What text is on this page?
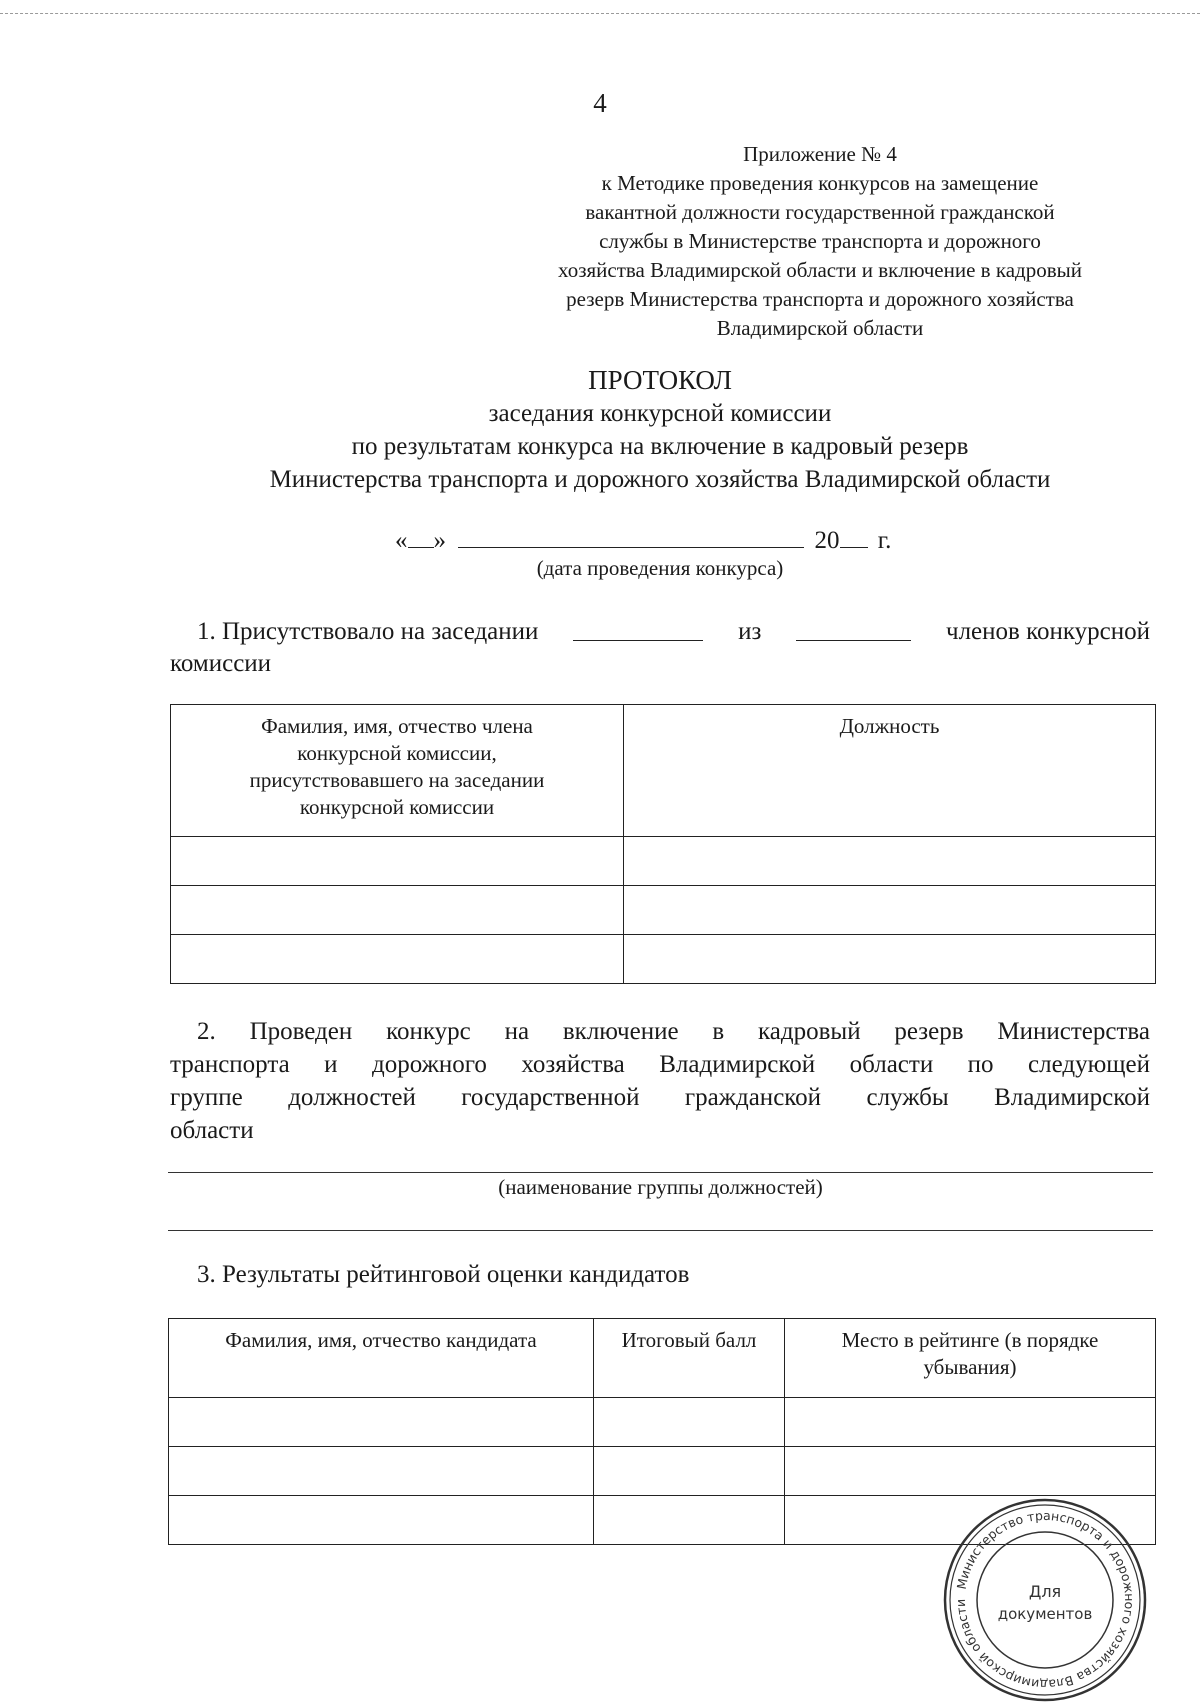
4
Приложение № 4
к Методике проведения конкурсов на замещение
вакантной должности государственной гражданской
службы в Министерстве транспорта и дорожного
хозяйства Владимирской области и включение в кадровый
резерв Министерства транспорта и дорожного хозяйства
Владимирской области
ПРОТОКОЛ
заседания конкурсной комиссии
по результатам конкурса на включение в кадровый резерв
Министерства транспорта и дорожного хозяйства Владимирской области
« »	20 г.
(дата проведения конкурса)
1. Присутствовало на заседании	из	членов конкурсной
комиссии
Фамилия, имя, отчество члена конкурсной комиссии, присутствовавшего на заседании конкурсной комиссии	Должность

2. Проведен конкурс на включение в кадровый резерв Министерства
транспорта и дорожного хозяйства Владимирской области по следующей
группе должностей государственной гражданской службы Владимирской
области
(наименование группы должностей)
3. Результаты рейтинговой оценки кандидатов
Фамилия, имя, отчество кандидата	Итоговый балл	Место в рейтинге (в порядке убывания)

Министерство транспорта и дорожного хозяйства Владимирской области
Для
документов
